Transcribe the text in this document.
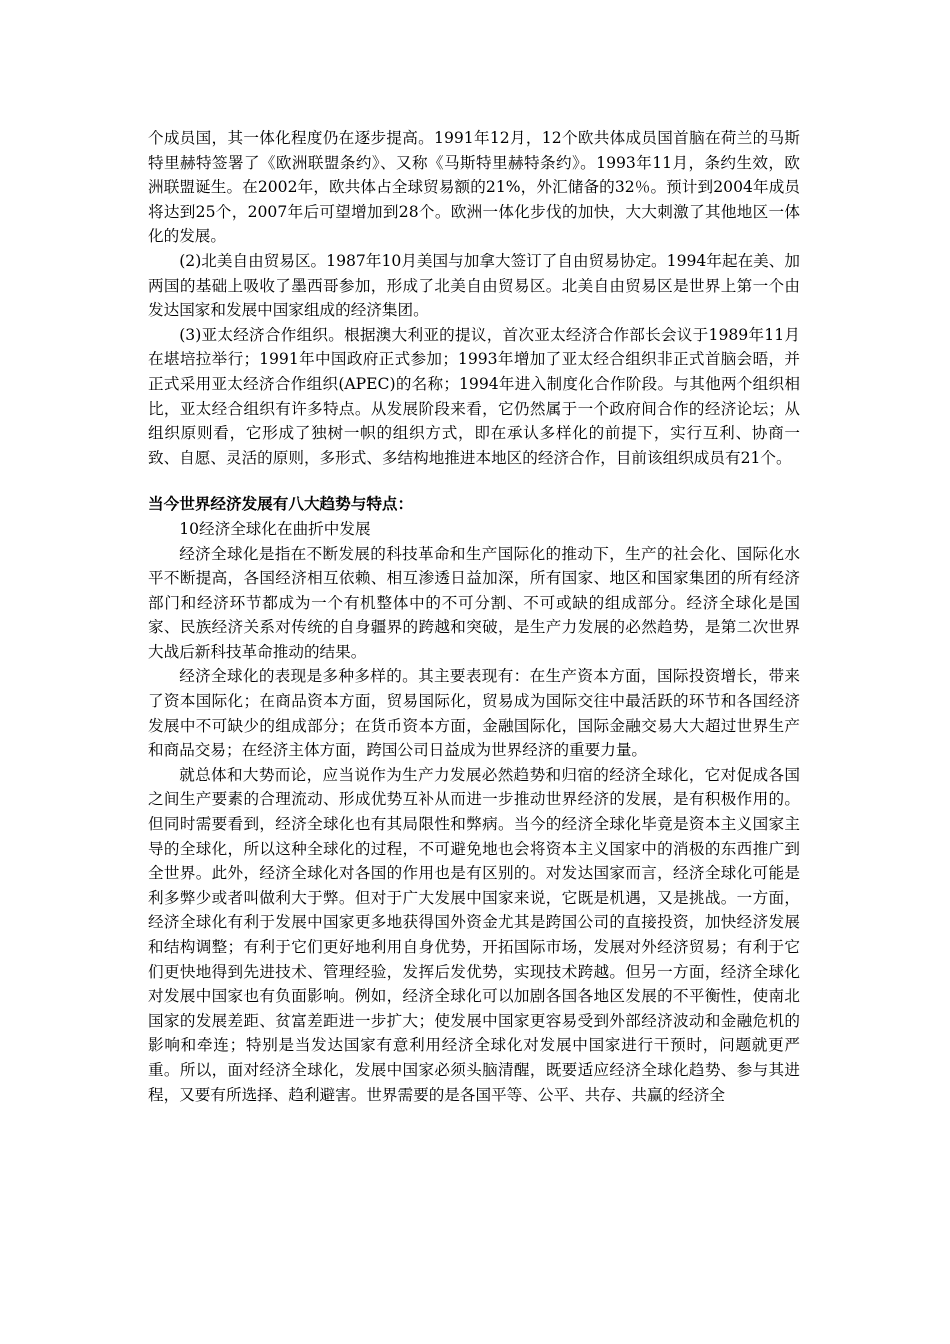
个成员国，其一体化程度仍在逐步提高。1991年12月，12个欧共体成员国首脑在荷兰的马斯特里赫特签署了《欧洲联盟条约》、又称《马斯特里赫特条约》。1993年11月，条约生效，欧洲联盟诞生。在2002年，欧共体占全球贸易额的21%，外汇储备的32％。预计到2004年成员将达到25个，2007年后可望增加到28个。欧洲一体化步伐的加快，大大刺激了其他地区一体化的发展。

(2)北美自由贸易区。1987年10月美国与加拿大签订了自由贸易协定。1994年起在美、加两国的基础上吸收了墨西哥参加，形成了北美自由贸易区。北美自由贸易区是世界上第一个由发达国家和发展中国家组成的经济集团。

(3)亚太经济合作组织。根据澳大利亚的提议，首次亚太经济合作部长会议于1989年11月在堪培拉举行；1991年中国政府正式参加；1993年增加了亚太经合组织非正式首脑会晤，并正式采用亚太经济合作组织(APEC)的名称；1994年进入制度化合作阶段。与其他两个组织相比，亚太经合组织有许多特点。从发展阶段来看，它仍然属于一个政府间合作的经济论坛；从组织原则看，它形成了独树一帜的组织方式，即在承认多样化的前提下，实行互利、协商一致、自愿、灵活的原则，多形式、多结构地推进本地区的经济合作，目前该组织成员有21个。

当今世界经济发展有八大趋势与特点：

10经济全球化在曲折中发展

经济全球化是指在不断发展的科技革命和生产国际化的推动下，生产的社会化、国际化水平不断提高，各国经济相互依赖、相互渗透日益加深，所有国家、地区和国家集团的所有经济部门和经济环节都成为一个有机整体中的不可分割、不可或缺的组成部分。经济全球化是国家、民族经济关系对传统的自身疆界的跨越和突破，是生产力发展的必然趋势，是第二次世界大战后新科技革命推动的结果。

经济全球化的表现是多种多样的。其主要表现有：在生产资本方面，国际投资增长，带来了资本国际化；在商品资本方面，贸易国际化，贸易成为国际交往中最活跃的环节和各国经济发展中不可缺少的组成部分；在货币资本方面，金融国际化，国际金融交易大大超过世界生产和商品交易；在经济主体方面，跨国公司日益成为世界经济的重要力量。

就总体和大势而论，应当说作为生产力发展必然趋势和归宿的经济全球化，它对促成各国之间生产要素的合理流动、形成优势互补从而进一步推动世界经济的发展，是有积极作用的。但同时需要看到，经济全球化也有其局限性和弊病。当今的经济全球化毕竟是资本主义国家主导的全球化，所以这种全球化的过程，不可避免地也会将资本主义国家中的消极的东西推广到全世界。此外，经济全球化对各国的作用也是有区别的。对发达国家而言，经济全球化可能是利多弊少或者叫做利大于弊。但对于广大发展中国家来说，它既是机遇，又是挑战。一方面，经济全球化有利于发展中国家更多地获得国外资金尤其是跨国公司的直接投资，加快经济发展和结构调整；有利于它们更好地利用自身优势，开拓国际市场，发展对外经济贸易；有利于它们更快地得到先进技术、管理经验，发挥后发优势，实现技术跨越。但另一方面，经济全球化对发展中国家也有负面影响。例如，经济全球化可以加剧各国各地区发展的不平衡性，使南北国家的发展差距、贫富差距进一步扩大；使发展中国家更容易受到外部经济波动和金融危机的影响和牵连；特别是当发达国家有意利用经济全球化对发展中国家进行干预时，问题就更严重。所以，面对经济全球化，发展中国家必须头脑清醒，既要适应经济全球化趋势、参与其进程，又要有所选择、趋利避害。世界需要的是各国平等、公平、共存、共赢的经济全
